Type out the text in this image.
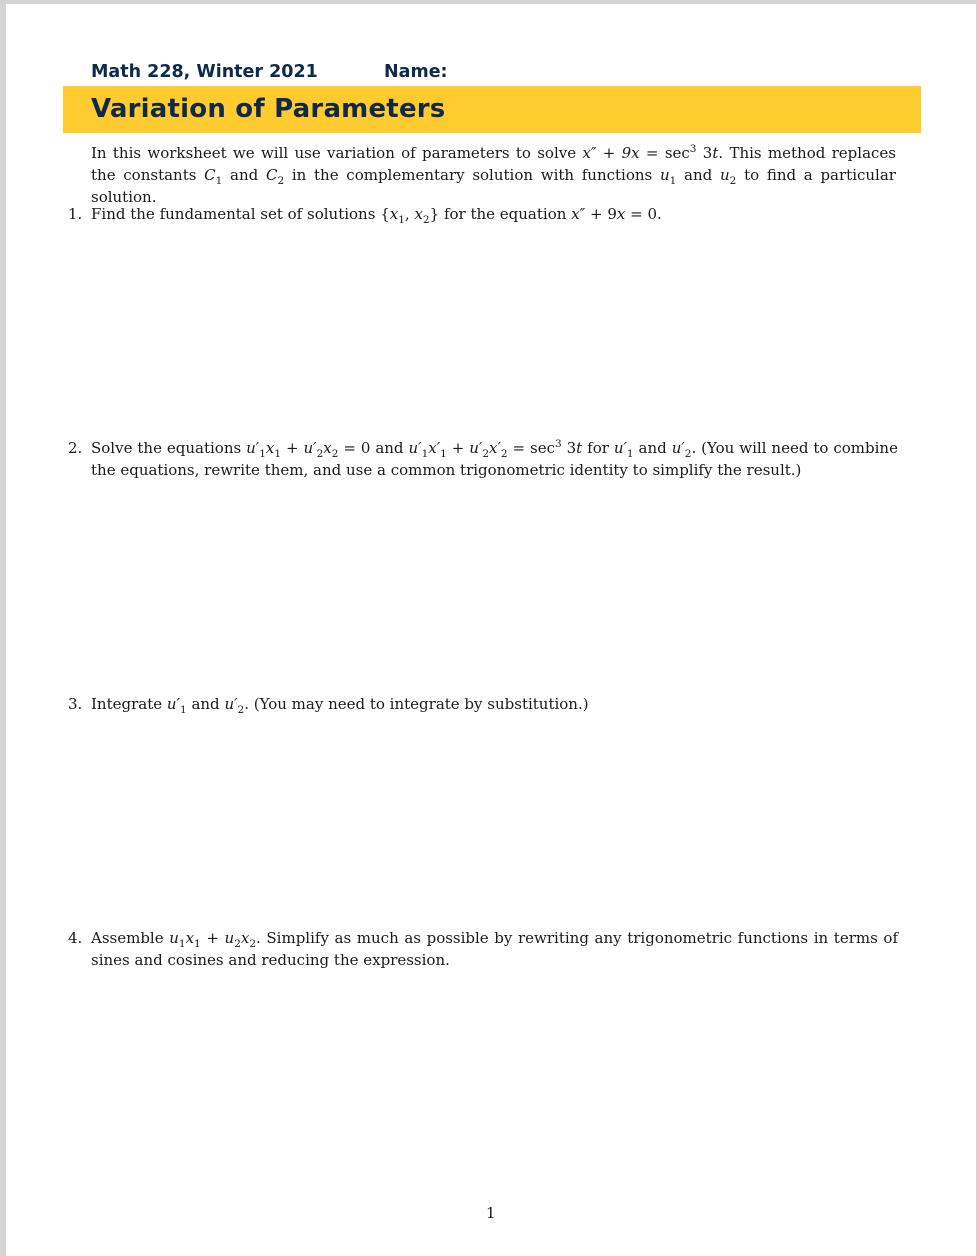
Math 228, Winter 2021	Name:
Variation of Parameters
In this worksheet we will use variation of parameters to solve $x'' + 9x = \sec^3 3t$. This method replaces the constants $C_1$ and $C_2$ in the complementary solution with functions $u_1$ and $u_2$ to find a particular solution.
1. Find the fundamental set of solutions {$x_1$, $x_2$} for the equation x″ + 9x = 0.
2. Solve the equations $u'_1x_1 + u'_2x_2 = 0$ and $u'_1x'_1 + u'_2x'_2 = \sec^3 3t$ for $u'_1$ and $u'_2$. (You will need to combine the equations, rewrite them, and use a common trigonometric identity to simplify the result.)
3. Integrate $u'_1$ and $u'_2$. (You may need to integrate by substitution.)
4. Assemble $u_1x_1 + u_2x_2$. Simplify as much as possible by rewriting any trigonometric functions in terms of sines and cosines and reducing the expression.
1
